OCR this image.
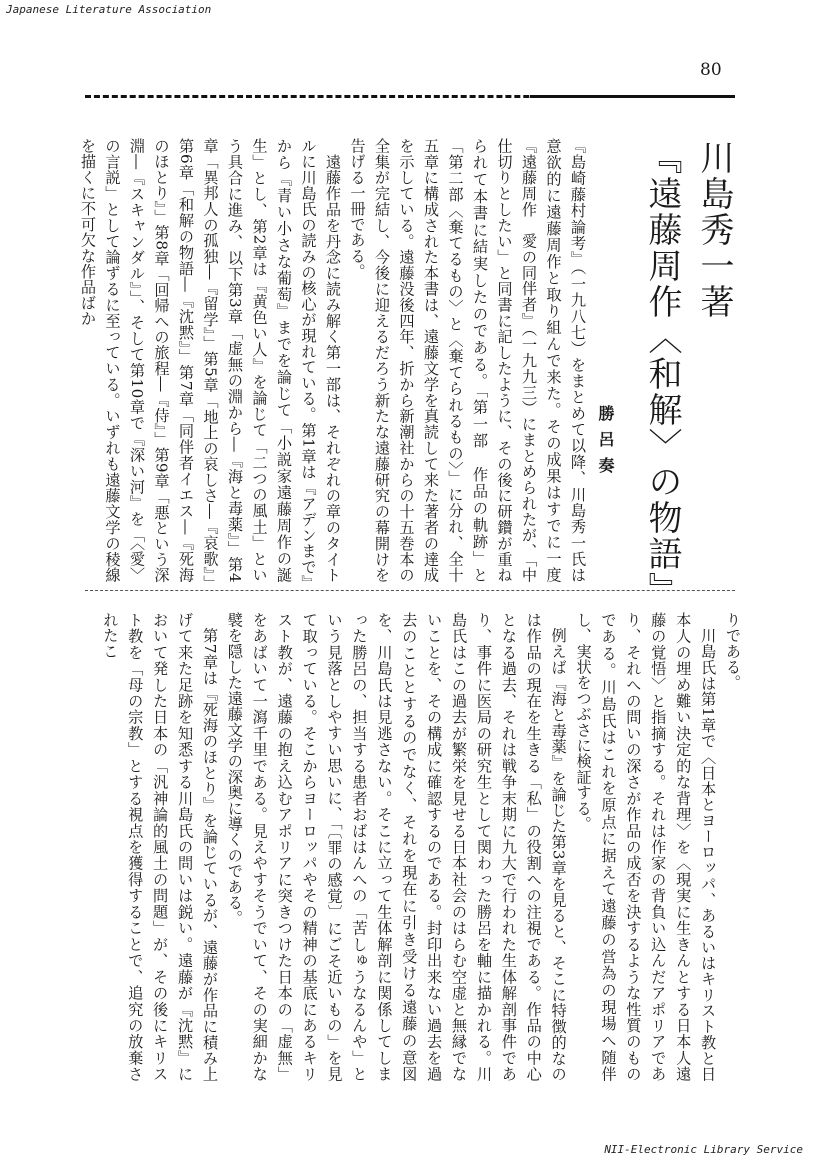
Japanese Literature Association
80
川島秀一著
『遠藤周作〈和解〉の物語』
勝呂奏

『島崎藤村論考』（一九八七）をまとめて以降、川島秀一氏は意欲的に遠藤周作と取り組んで来た。その成果はすでに一度『遠藤周作　愛の同伴者』（一九九三）にまとめられたが、「中仕切りとしたい」と同書に記したように、その後に研鑽が重ねられて本書に結実したのである。「第一部　作品の軌跡」と「第二部〈棄てるもの〉と〈棄てられるもの〉」に分れ、全十五章に構成された本書は、遠藤文学を真読して来た著者の達成を示している。遠藤没後四年、折から新潮社からの十五巻本の全集が完結し、今後に迎えるだろう新たな遠藤研究の幕開けを告げる一冊である。

　遠藤作品を丹念に読み解く第一部は、それぞれの章のタイトルに川島氏の読みの核心が現れている。第1章は『アデンまで』から『青い小さな葡萄』までを論じて「小説家遠藤周作の誕生」とし、第2章は『黄色い人』を論じて「二つの風土」という具合に進み、以下第3章「虚無の淵から―『海と毒薬』」第4章「異邦人の孤独―『留学』」第5章「地上の哀しさ―『哀歌』」第6章「和解の物語―『沈黙』」第7章「同伴者イエス―『死海のほとり』」第8章「回帰への旅程―『侍』」第9章「悪という深淵―『スキャンダル』」、そして第10章で『深い河』を「〈愛〉の言説」として論ずるに至っている。いずれも遠藤文学の稜線を描くに不可欠な作品ばか

りである。

　川島氏は第1章で〈日本とヨーロッパ、あるいはキリスト教と日本人の埋め難い決定的な背理〉を〈現実に生きんとする日本人遠藤の覚悟〉と指摘する。それは作家の背負い込んだアポリアであり、それへの問いの深さが作品の成否を決するような性質のものである。川島氏はこれを原点に据えて遠藤の営為の現場へ随伴し、実状をつぶさに検証する。

　例えば『海と毒薬』を論じた第3章を見ると、そこに特徴的なのは作品の現在を生きる「私」の役割への注視である。作品の中心となる過去、それは戦争末期に九大で行われた生体解剖事件であり、事件に医局の研究生として関わった勝呂を軸に描かれる。川島氏はこの過去が繁栄を見せる日本社会のはらむ空虚と無縁でないことを、その構成に確認するのである。封印出来ない過去を過去のこととするのでなく、それを現在に引き受ける遠藤の意図を、川島氏は見逃さない。そこに立って生体解剖に関係してしまった勝呂の、担当する患者おばはんへの「苦しゅうなるんや」という見落としやすい思いに、「〔罪の感覚〕にごそ近いもの」を見て取っている。そこからヨーロッパやその精神の基底にあるキリスト教が、遠藤の抱え込むアポリアに突きつけた日本の「虚無」をあばいて一瀉千里である。見えやすそうでいて、その実細かな襞を隠した遠藤文学の深奥に導くのである。

　第7章は『死海のほとり』を論じているが、遠藤が作品に積み上げて来た足跡を知悉する川島氏の問いは鋭い。遠藤が『沈黙』において発した日本の「汎神論的風土の問題」が、その後にキリスト教を「母の宗教」とする視点を獲得することで、追究の放棄されたこ

NII-Electronic Library Service
